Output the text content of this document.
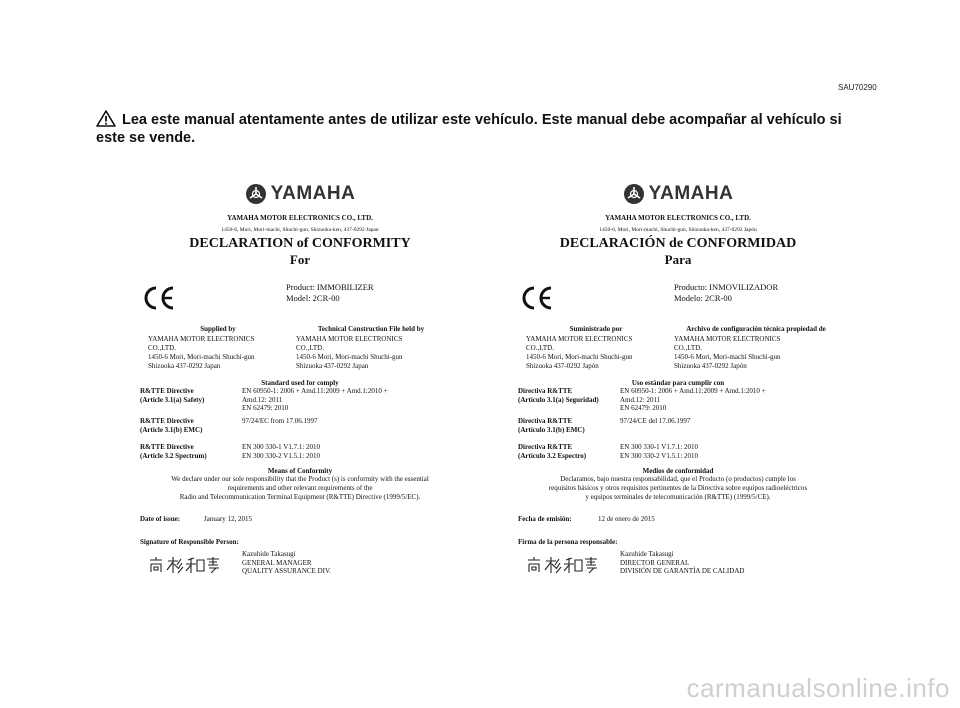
SAU70290
Lea este manual atentamente antes de utilizar este vehículo. Este manual debe acompañar al vehículo si este se vende.
YAMAHA
YAMAHA MOTOR ELECTRONICS CO., LTD.
1450-6, Mori, Mori-machi, Shuchi-gun, Shizuoka-ken, 437-0292 Japan
DECLARATION of CONFORMITY
For
Product: IMMOBILIZER
Model: 2CR-00
Supplied by
YAMAHA MOTOR ELECTRONICS
CO.,LTD.
1450-6 Mori, Mori-machi Shuchi-gun
Shizuoka 437-0292 Japan
Technical Construction File held by
YAMAHA MOTOR ELECTRONICS
CO.,LTD.
1450-6 Mori, Mori-machi Shuchi-gun
Shizuoka 437-0292 Japan
Standard used for comply
R&TTE Directive
(Article 3.1(a) Safety)
EN 60950-1: 2006 + Amd.11:2009 + Amd.1:2010 +
Amd.12: 2011
EN 62479: 2010
R&TTE Directive
(Article 3.1(b) EMC)
97/24/EC from 17.06.1997
R&TTE Directive
(Article 3.2 Spectrum)
EN 300 330-1 V1.7.1: 2010
EN 300 330-2 V1.5.1: 2010
Means of Conformity
We declare under our sole responsibility that the Product (s) is conformity with the essential
requirements and other relevant requirements of the
Radio and Telecommunication Terminal Equipment (R&TTE) Directive (1999/5/EC).
Date of issue:	January 12, 2015
Signature of Responsible Person:
Kazuhide Takasugi
GENERAL MANAGER
QUALITY ASSURANCE DIV.
YAMAHA
YAMAHA MOTOR ELECTRONICS CO., LTD.
1450-6, Mori, Mori-machi, Shuchi-gun, Shizuoka-ken, 437-0292 Japón
DECLARACIÓN de CONFORMIDAD
Para
Producto: INMOVILIZADOR
Modelo: 2CR-00
Suministrado por
YAMAHA MOTOR ELECTRONICS
CO.,LTD.
1450-6 Mori, Mori-machi Shuchi-gun
Shizuoka 437-0292 Japón
Archivo de configuración técnica propiedad de
YAMAHA MOTOR ELECTRONICS
CO.,LTD.
1450-6 Mori, Mori-machi Shuchi-gun
Shizuoka 437-0292 Japón
Uso estándar para cumplir con
Directiva R&TTE
(Artículo 3.1(a) Seguridad)
EN 60950-1: 2006 + Amd.11:2009 + Amd.1:2010 +
Amd.12: 2011
EN 62479: 2010
Directiva R&TTE
(Artículo 3.1(b) EMC)
97/24/CE del 17.06.1997
Directiva R&TTE
(Artículo 3.2 Espectro)
EN 300 330-1 V1.7.1: 2010
EN 300 330-2 V1.5.1: 2010
Medios de conformidad
Declaramos, bajo nuestra responsabilidad, que el Producto (o productos) cumple los
requisitos básicos y otros requisitos pertinentes de la Directiva sobre equipos radioeléctricos
y equipos terminales de telecomunicación (R&TTE) (1999/5/CE).
Fecha de emisión:	12 de enero de 2015
Firma de la persona responsable:
Kazuhide Takasugi
DIRECTOR GENERAL
DIVISIÓN DE GARANTÍA DE CALIDAD
carmanualsonline.info
